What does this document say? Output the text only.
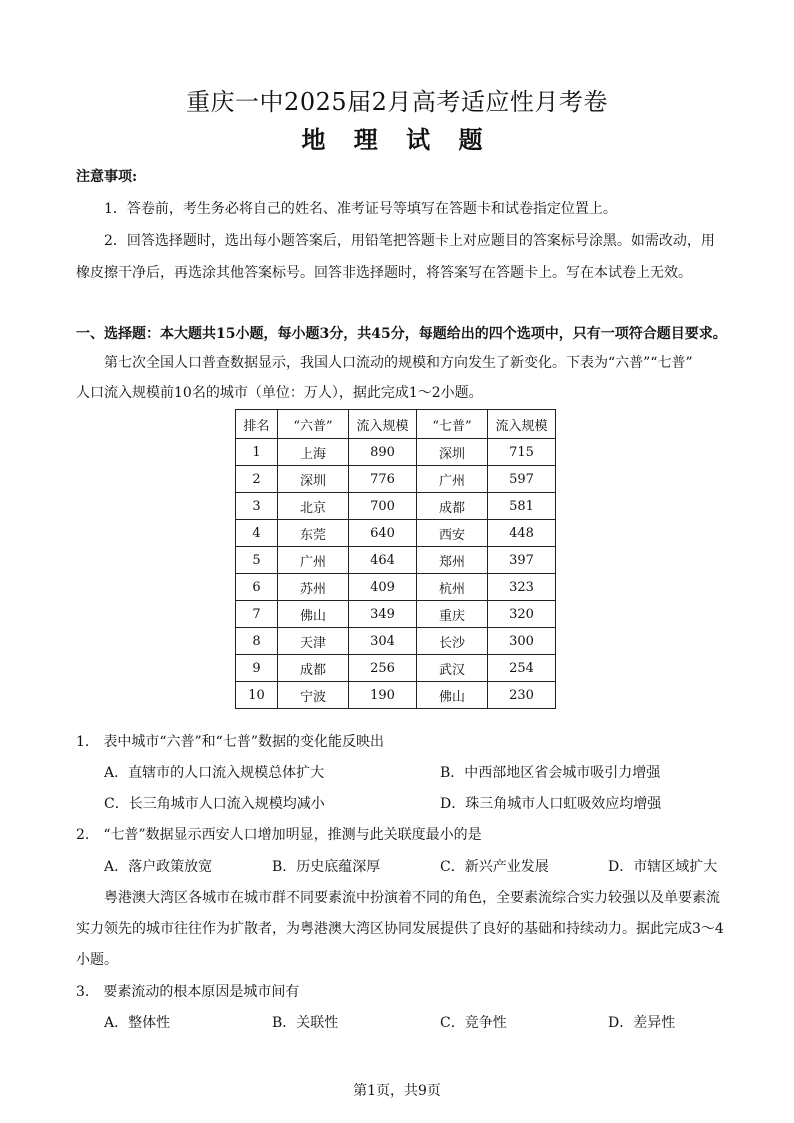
重庆一中2025届2月高考适应性月考卷
地 理 试 题
注意事项:
1．答卷前，考生务必将自己的姓名、准考证号等填写在答题卡和试卷指定位置上。
2．回答选择题时，选出每小题答案后，用铅笔把答题卡上对应题目的答案标号涂黑。如需改动，用
橡皮擦干净后，再选涂其他答案标号。回答非选择题时，将答案写在答题卡上。写在本试卷上无效。
一、选择题：本大题共15小题，每小题3分，共45分，每题给出的四个选项中，只有一项符合题目要求。
第七次全国人口普查数据显示，我国人口流动的规模和方向发生了新变化。下表为“六普”“七普”
人口流入规模前10名的城市（单位：万人），据此完成1～2小题。
排名	“六普”	流入规模	“七普”	流入规模
1	上海	890	深圳	715
2	深圳	776	广州	597
3	北京	700	成都	581
4	东莞	640	西安	448
5	广州	464	郑州	397
6	苏州	409	杭州	323
7	佛山	349	重庆	320
8	天津	304	长沙	300
9	成都	256	武汉	254
10	宁波	190	佛山	230
1.　表中城市“六普”和“七普”数据的变化能反映出
A．直辖市的人口流入规模总体扩大	B．中西部地区省会城市吸引力增强
C．长三角城市人口流入规模均减小	D．珠三角城市人口虹吸效应均增强
2.　“七普”数据显示西安人口增加明显，推测与此关联度最小的是
A．落户政策放宽	B．历史底蕴深厚	C．新兴产业发展	D．市辖区域扩大
粤港澳大湾区各城市在城市群不同要素流中扮演着不同的角色，全要素流综合实力较强以及单要素流
实力领先的城市往往作为扩散者，为粤港澳大湾区协同发展提供了良好的基础和持续动力。据此完成3～4
小题。
3.　要素流动的根本原因是城市间有
A．整体性	B．关联性	C．竞争性	D．差异性
第1页，共9页
